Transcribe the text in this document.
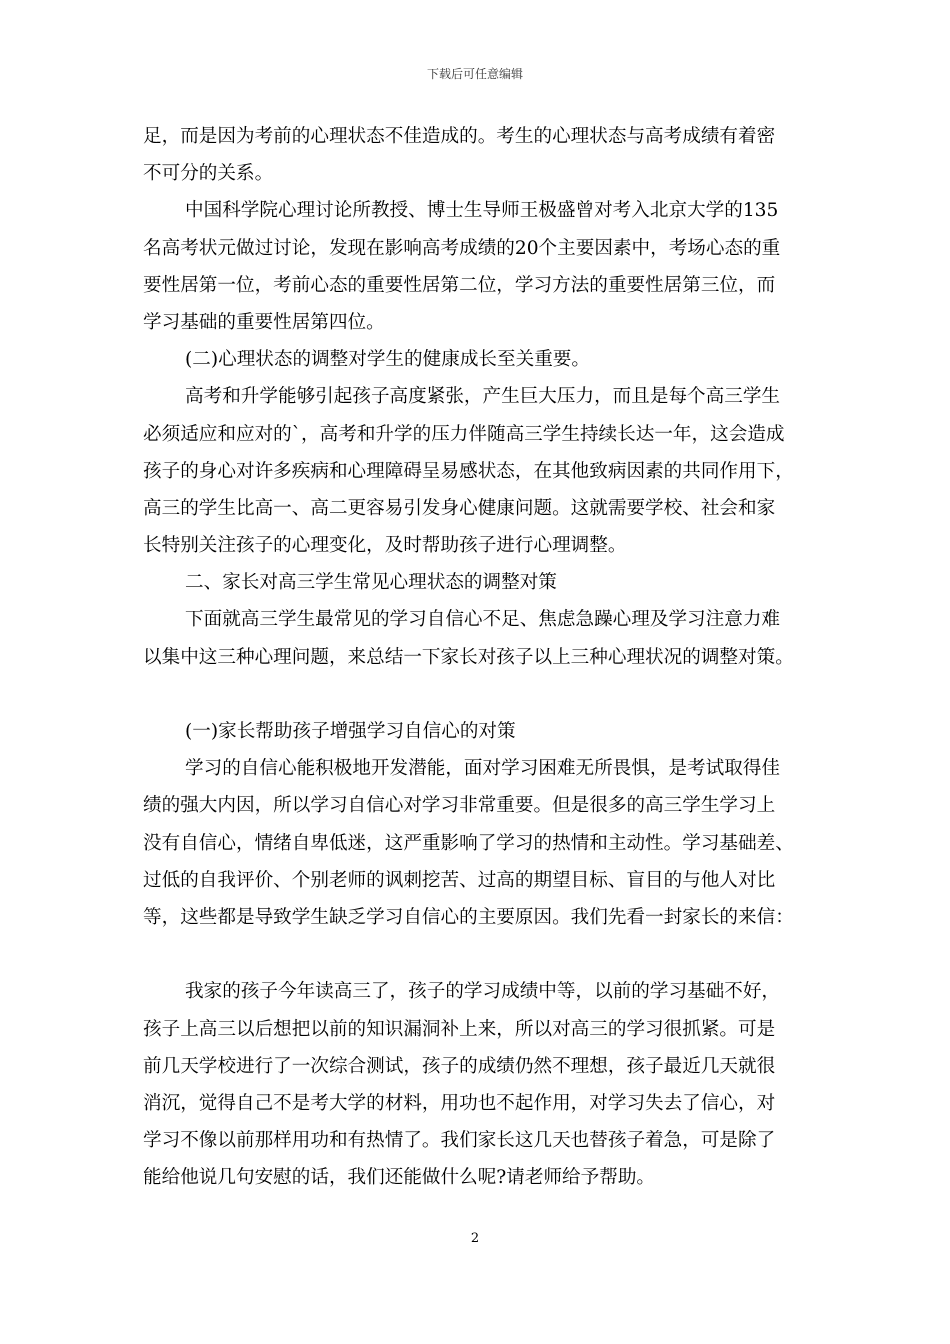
下载后可任意编辑
足，而是因为考前的心理状态不佳造成的。考生的心理状态与高考成绩有着密
不可分的关系。
中国科学院心理讨论所教授、博士生导师王极盛曾对考入北京大学的135
名高考状元做过讨论，发现在影响高考成绩的20个主要因素中，考场心态的重
要性居第一位，考前心态的重要性居第二位，学习方法的重要性居第三位，而
学习基础的重要性居第四位。
(二)心理状态的调整对学生的健康成长至关重要。
高考和升学能够引起孩子高度紧张，产生巨大压力，而且是每个高三学生
必须适应和应对的`，高考和升学的压力伴随高三学生持续长达一年，这会造成
孩子的身心对许多疾病和心理障碍呈易感状态，在其他致病因素的共同作用下，
高三的学生比高一、高二更容易引发身心健康问题。这就需要学校、社会和家
长特别关注孩子的心理变化，及时帮助孩子进行心理调整。
二、家长对高三学生常见心理状态的调整对策
下面就高三学生最常见的学习自信心不足、焦虑急躁心理及学习注意力难
以集中这三种心理问题，来总结一下家长对孩子以上三种心理状况的调整对策。
(一)家长帮助孩子增强学习自信心的对策
学习的自信心能积极地开发潜能，面对学习困难无所畏惧，是考试取得佳
绩的强大内因，所以学习自信心对学习非常重要。但是很多的高三学生学习上
没有自信心，情绪自卑低迷，这严重影响了学习的热情和主动性。学习基础差、
过低的自我评价、个别老师的讽刺挖苦、过高的期望目标、盲目的与他人对比
等，这些都是导致学生缺乏学习自信心的主要原因。我们先看一封家长的来信：
我家的孩子今年读高三了，孩子的学习成绩中等，以前的学习基础不好，
孩子上高三以后想把以前的知识漏洞补上来，所以对高三的学习很抓紧。可是
前几天学校进行了一次综合测试，孩子的成绩仍然不理想，孩子最近几天就很
消沉，觉得自己不是考大学的材料，用功也不起作用，对学习失去了信心，对
学习不像以前那样用功和有热情了。我们家长这几天也替孩子着急，可是除了
能给他说几句安慰的话，我们还能做什么呢?请老师给予帮助。
2
